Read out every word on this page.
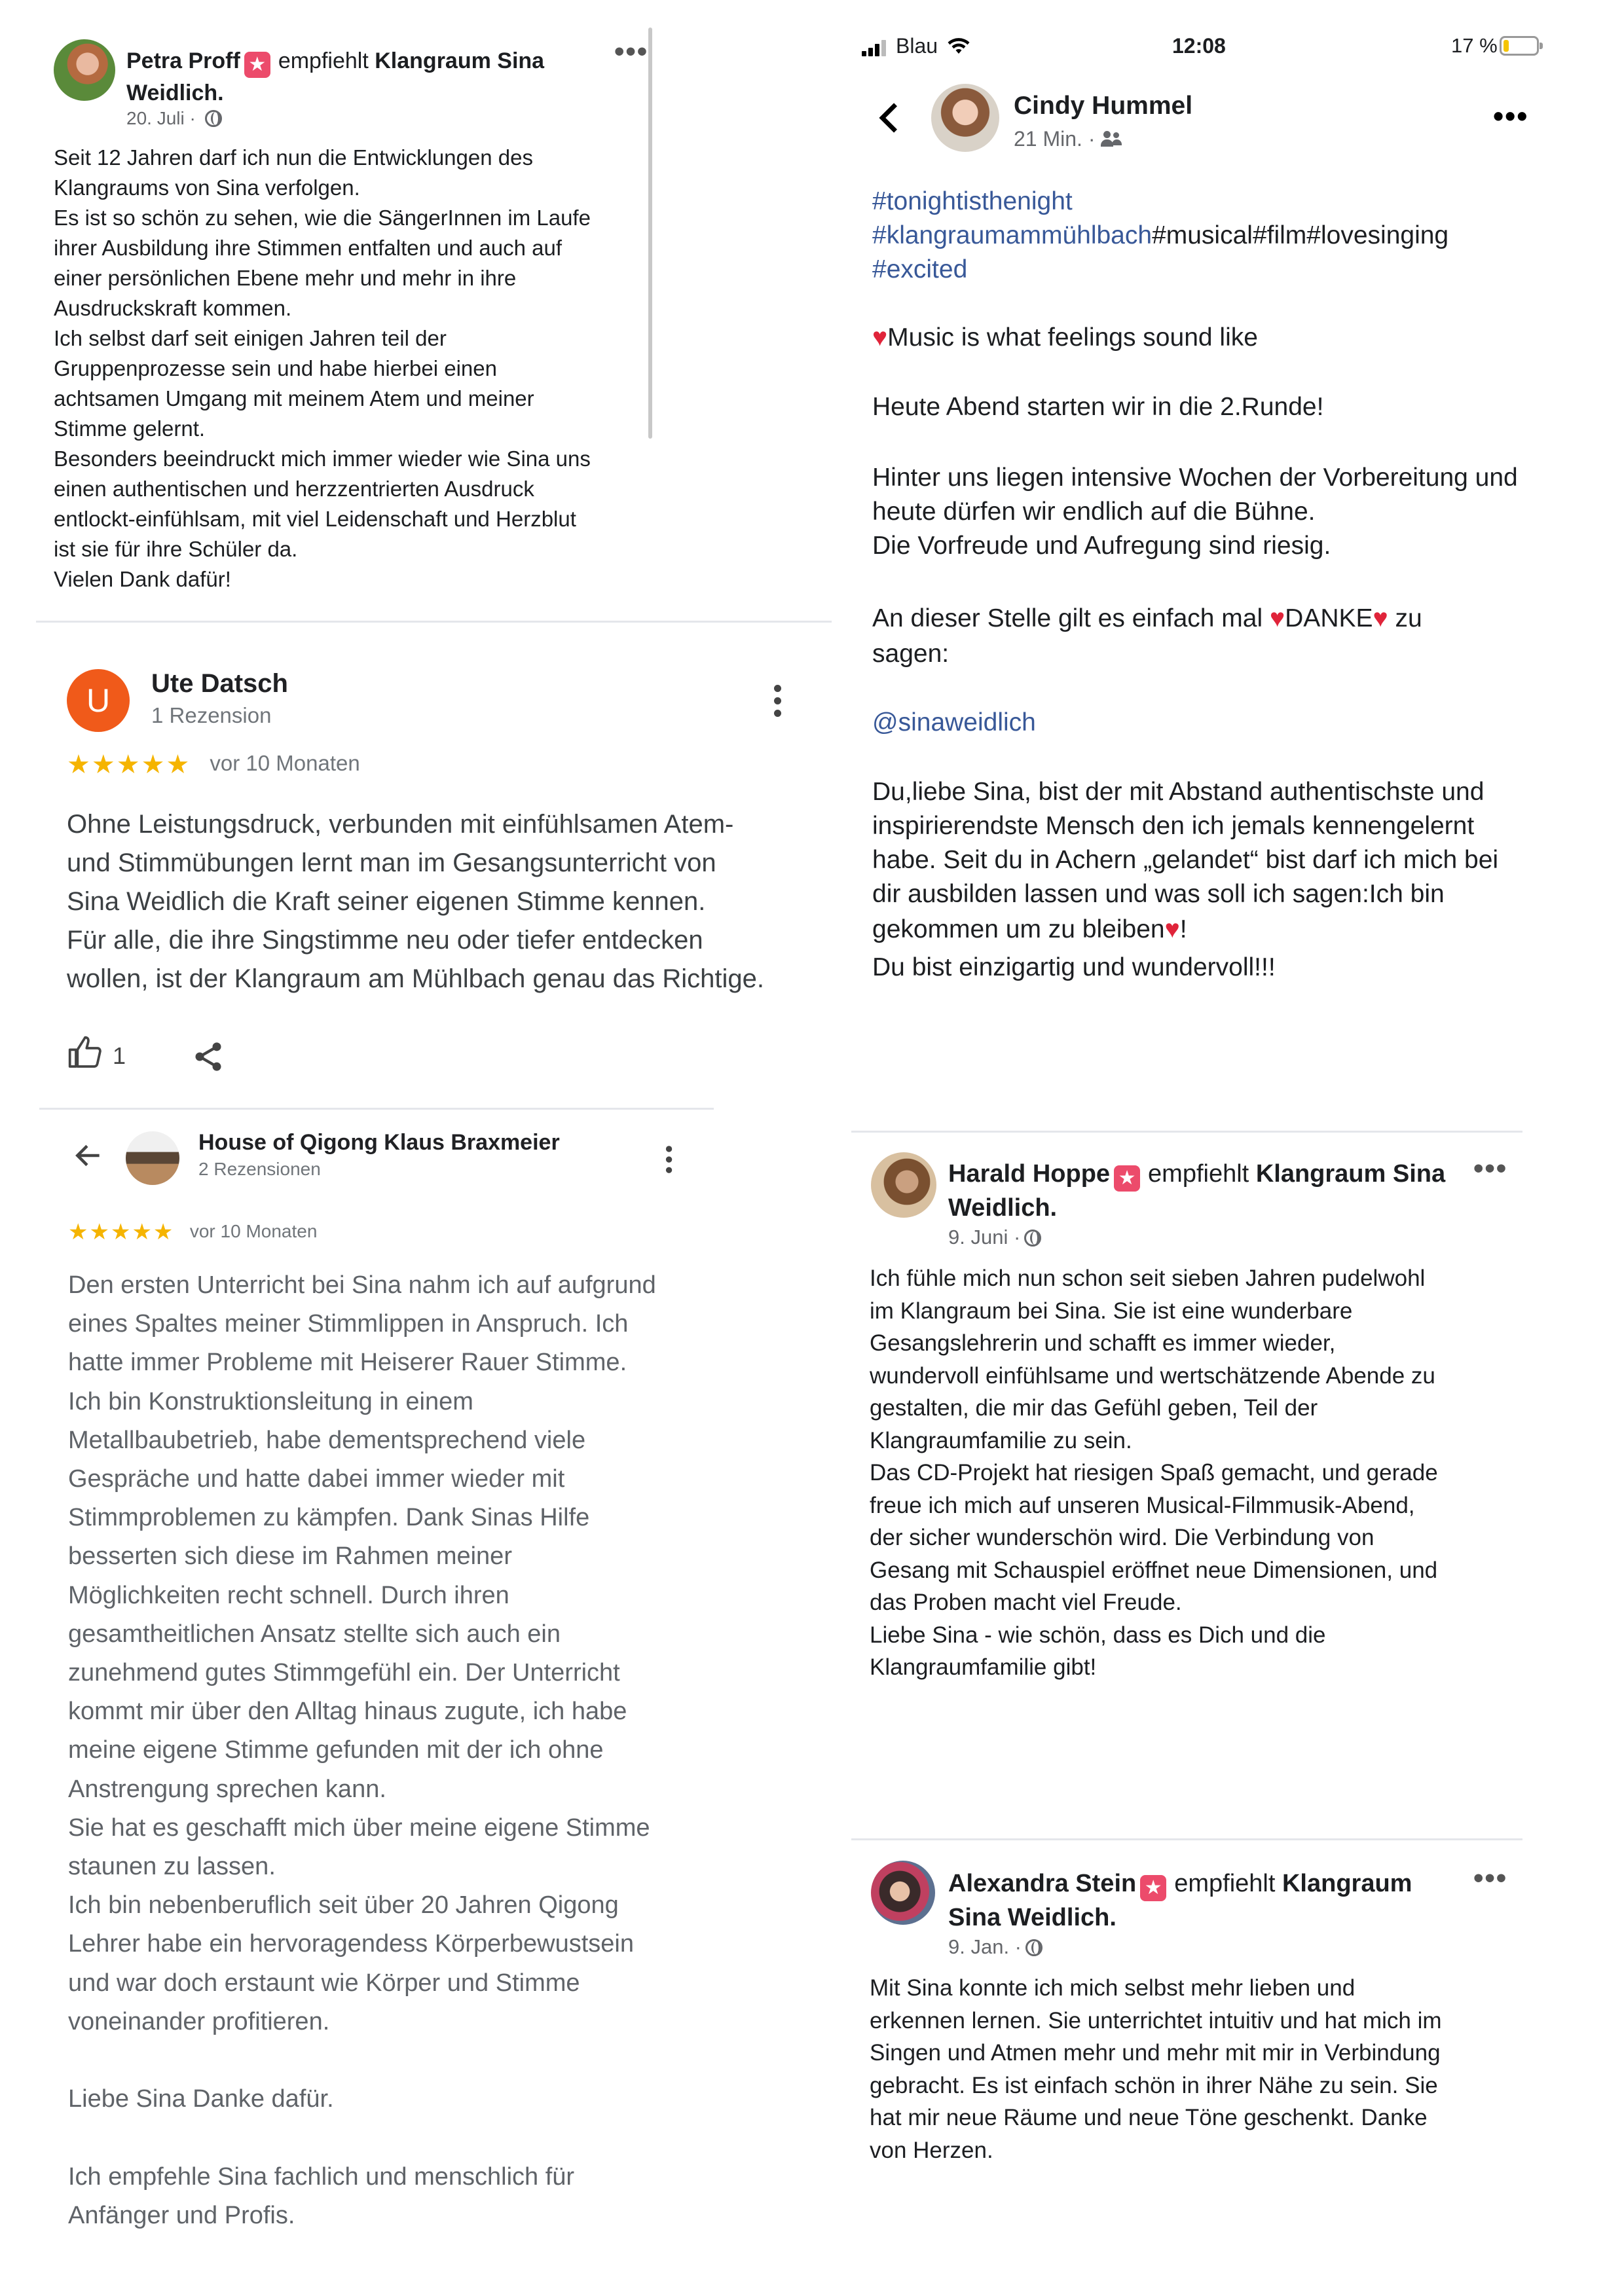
Petra Proff ★ empfiehlt Klangraum Sina Weidlich.
20. Juli ·
•••
Seit 12 Jahren darf ich nun die Entwicklungen des
Klangraums von Sina verfolgen.
Es ist so schön zu sehen, wie die SängerInnen im Laufe
ihrer Ausbildung ihre Stimmen entfalten und auch auf
einer persönlichen Ebene mehr und mehr in ihre
Ausdruckskraft kommen.
Ich selbst darf seit einigen Jahren teil der
Gruppenprozesse sein und habe hierbei einen
achtsamen Umgang mit meinem Atem und meiner
Stimme gelernt.
Besonders beeindruckt mich immer wieder wie Sina uns
einen authentischen und herzzentrierten Ausdruck
entlockt-einfühlsam, mit viel Leidenschaft und Herzblut
ist sie für ihre Schüler da.
Vielen Dank dafür!
U	Ute Datsch
1 Rezension
★★★★★ vor 10 Monaten
Ohne Leistungsdruck, verbunden mit einfühlsamen Atem-
und Stimmübungen lernt man im Gesangsunterricht von
Sina Weidlich die Kraft seiner eigenen Stimme kennen.
Für alle, die ihre Singstimme neu oder tiefer entdecken
wollen, ist der Klangraum am Mühlbach genau das Richtige.
1
House of Qigong Klaus Braxmeier
2 Rezensionen
★★★★★ vor 10 Monaten
Den ersten Unterricht bei Sina nahm ich auf aufgrund
eines Spaltes meiner Stimmlippen in Anspruch. Ich
hatte immer Probleme mit Heiserer Rauer Stimme.
Ich bin Konstruktionsleitung in einem
Metallbaubetrieb, habe dementsprechend viele
Gespräche und hatte dabei immer wieder mit
Stimmproblemen zu kämpfen. Dank Sinas Hilfe
besserten sich diese im Rahmen meiner
Möglichkeiten recht schnell. Durch ihren
gesamtheitlichen Ansatz stellte sich auch ein
zunehmend gutes Stimmgefühl ein. Der Unterricht
kommt mir über den Alltag hinaus zugute, ich habe
meine eigene Stimme gefunden mit der ich ohne
Anstrengung sprechen kann.
Sie hat es geschafft mich über meine eigene Stimme
staunen zu lassen.
Ich bin nebenberuflich seit über 20 Jahren Qigong
Lehrer habe ein hervoragendess Körperbewustsein
und war doch erstaunt wie Körper und Stimme
voneinander profitieren.

Liebe Sina Danke dafür.

Ich empfehle Sina fachlich und menschlich für
Anfänger und Profis.
Blau	12:08	17 %
Cindy Hummel
21 Min. ·
•••
#tonightisthenight
#klangraumammühlbach#musical#film#lovesinging
#excited
♥Music is what feelings sound like
Heute Abend starten wir in die 2.Runde!
Hinter uns liegen intensive Wochen der Vorbereitung und
heute dürfen wir endlich auf die Bühne.
Die Vorfreude und Aufregung sind riesig.
An dieser Stelle gilt es einfach mal ♥DANKE♥ zu
sagen:
@sinaweidlich
Du,liebe Sina, bist der mit Abstand authentischste und
inspirierendste Mensch den ich jemals kennengelernt
habe. Seit du in Achern „gelandet“ bist darf ich mich bei
dir ausbilden lassen und was soll ich sagen:Ich bin
gekommen um zu bleiben♥!
Du bist einzigartig und wundervoll!!!
Harald Hoppe ★ empfiehlt Klangraum Sina
Weidlich.
9. Juni ·
•••
Ich fühle mich nun schon seit sieben Jahren pudelwohl
im Klangraum bei Sina. Sie ist eine wunderbare
Gesangslehrerin und schafft es immer wieder,
wundervoll einfühlsame und wertschätzende Abende zu
gestalten, die mir das Gefühl geben, Teil der
Klangraumfamilie zu sein.
Das CD-Projekt hat riesigen Spaß gemacht, und gerade
freue ich mich auf unseren Musical-Filmmusik-Abend,
der sicher wunderschön wird. Die Verbindung von
Gesang mit Schauspiel eröffnet neue Dimensionen, und
das Proben macht viel Freude.
Liebe Sina - wie schön, dass es Dich und die
Klangraumfamilie gibt!
Alexandra Stein ★ empfiehlt Klangraum
Sina Weidlich.
9. Jan. ·
•••
Mit Sina konnte ich mich selbst mehr lieben und
erkennen lernen. Sie unterrichtet intuitiv und hat mich im
Singen und Atmen mehr und mehr mit mir in Verbindung
gebracht. Es ist einfach schön in ihrer Nähe zu sein. Sie
hat mir neue Räume und neue Töne geschenkt. Danke
von Herzen.
